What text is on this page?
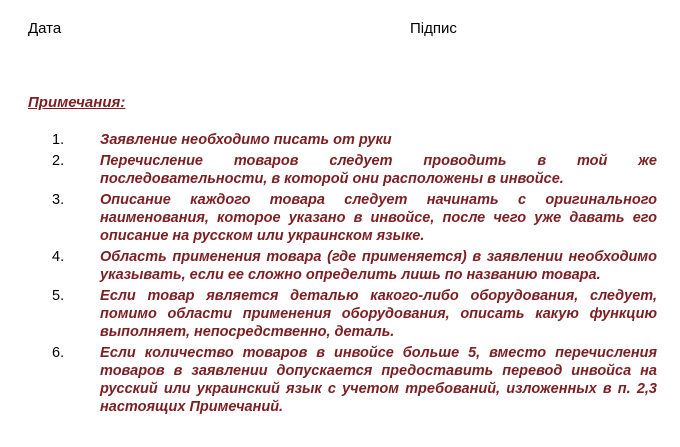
Дата	Підпис
Примечания:
1.	Заявление необходимо писать от руки
2.	Перечисление товаров следует проводить в той же последовательности, в которой они расположены в инвойсе.
3.	Описание каждого товара следует начинать с оригинального наименования, которое указано в инвойсе, после чего уже давать его описание на русском или украинском языке.
4.	Область применения товара (где применяется) в заявлении необходимо указывать, если ее сложно определить лишь по названию товара.
5.	Если товар является деталью какого-либо оборудования, следует, помимо области применения оборудования, описать какую функцию выполняет, непосредственно, деталь.
6.	Если количество товаров в инвойсе больше 5, вместо перечисления товаров в заявлении допускается предоставить перевод инвойса на русский или украинский язык с учетом требований, изложенных в п. 2,3 настоящих Примечаний.
